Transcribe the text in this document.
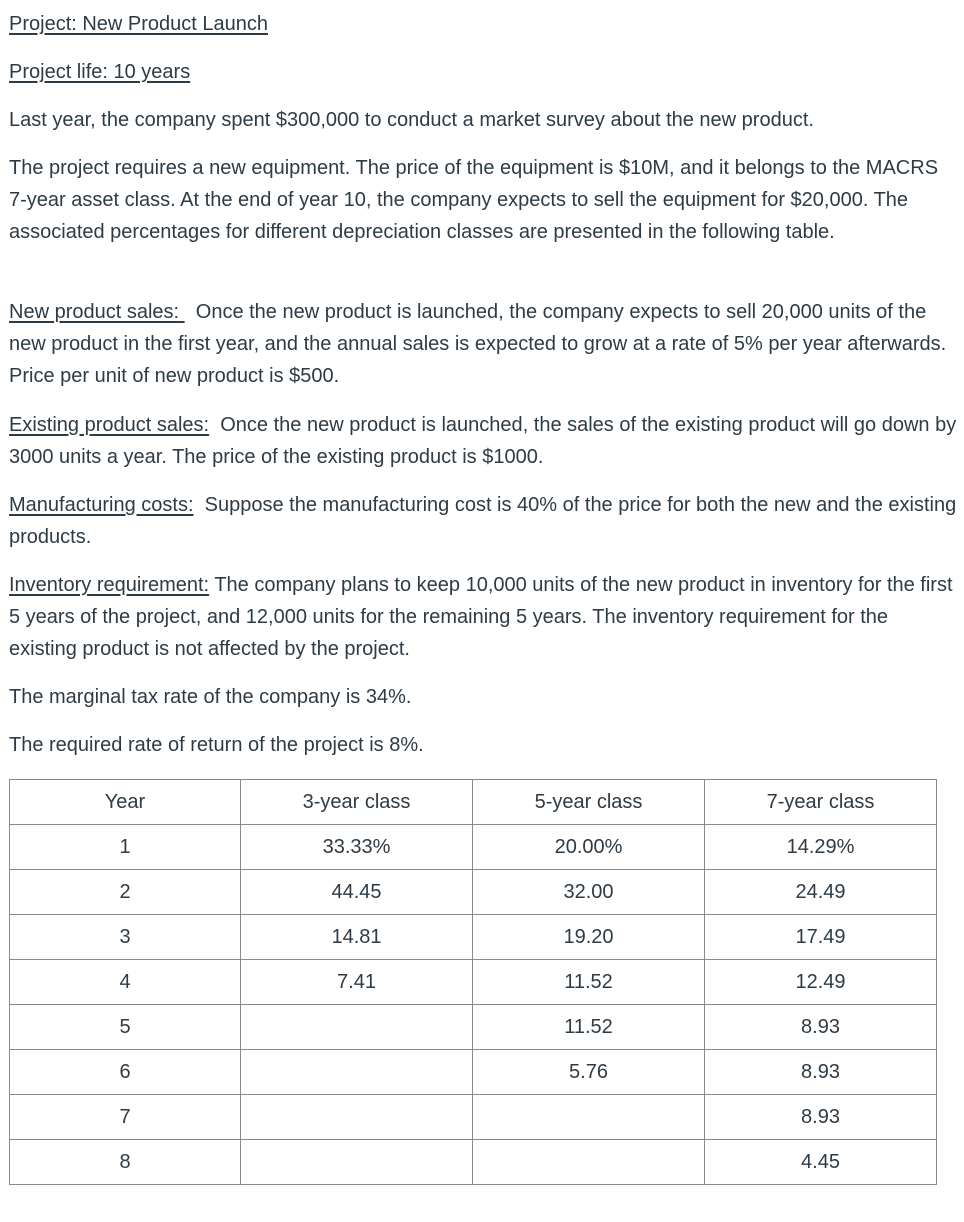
Project: New Product Launch

Project life: 10 years

Last year, the company spent $300,000 to conduct a market survey about the new product.

The project requires a new equipment. The price of the equipment is $10M, and it belongs to the MACRS 7-year asset class. At the end of year 10, the company expects to sell the equipment for $20,000. The associated percentages for different depreciation classes are presented in the following table.

New product sales: Once the new product is launched, the company expects to sell 20,000 units of the new product in the first year, and the annual sales is expected to grow at a rate of 5% per year afterwards. Price per unit of new product is $500.

Existing product sales: Once the new product is launched, the sales of the existing product will go down by 3000 units a year. The price of the existing product is $1000.

Manufacturing costs: Suppose the manufacturing cost is 40% of the price for both the new and the existing products.

Inventory requirement: The company plans to keep 10,000 units of the new product in inventory for the first 5 years of the project, and 12,000 units for the remaining 5 years. The inventory requirement for the existing product is not affected by the project.

The marginal tax rate of the company is 34%.

The required rate of return of the project is 8%.

Year	3-year class	5-year class	7-year class
1	33.33%	20.00%	14.29%
2	44.45	32.00	24.49
3	14.81	19.20	17.49
4	7.41	11.52	12.49
5		11.52	8.93
6		5.76	8.93
7			8.93
8			4.45
